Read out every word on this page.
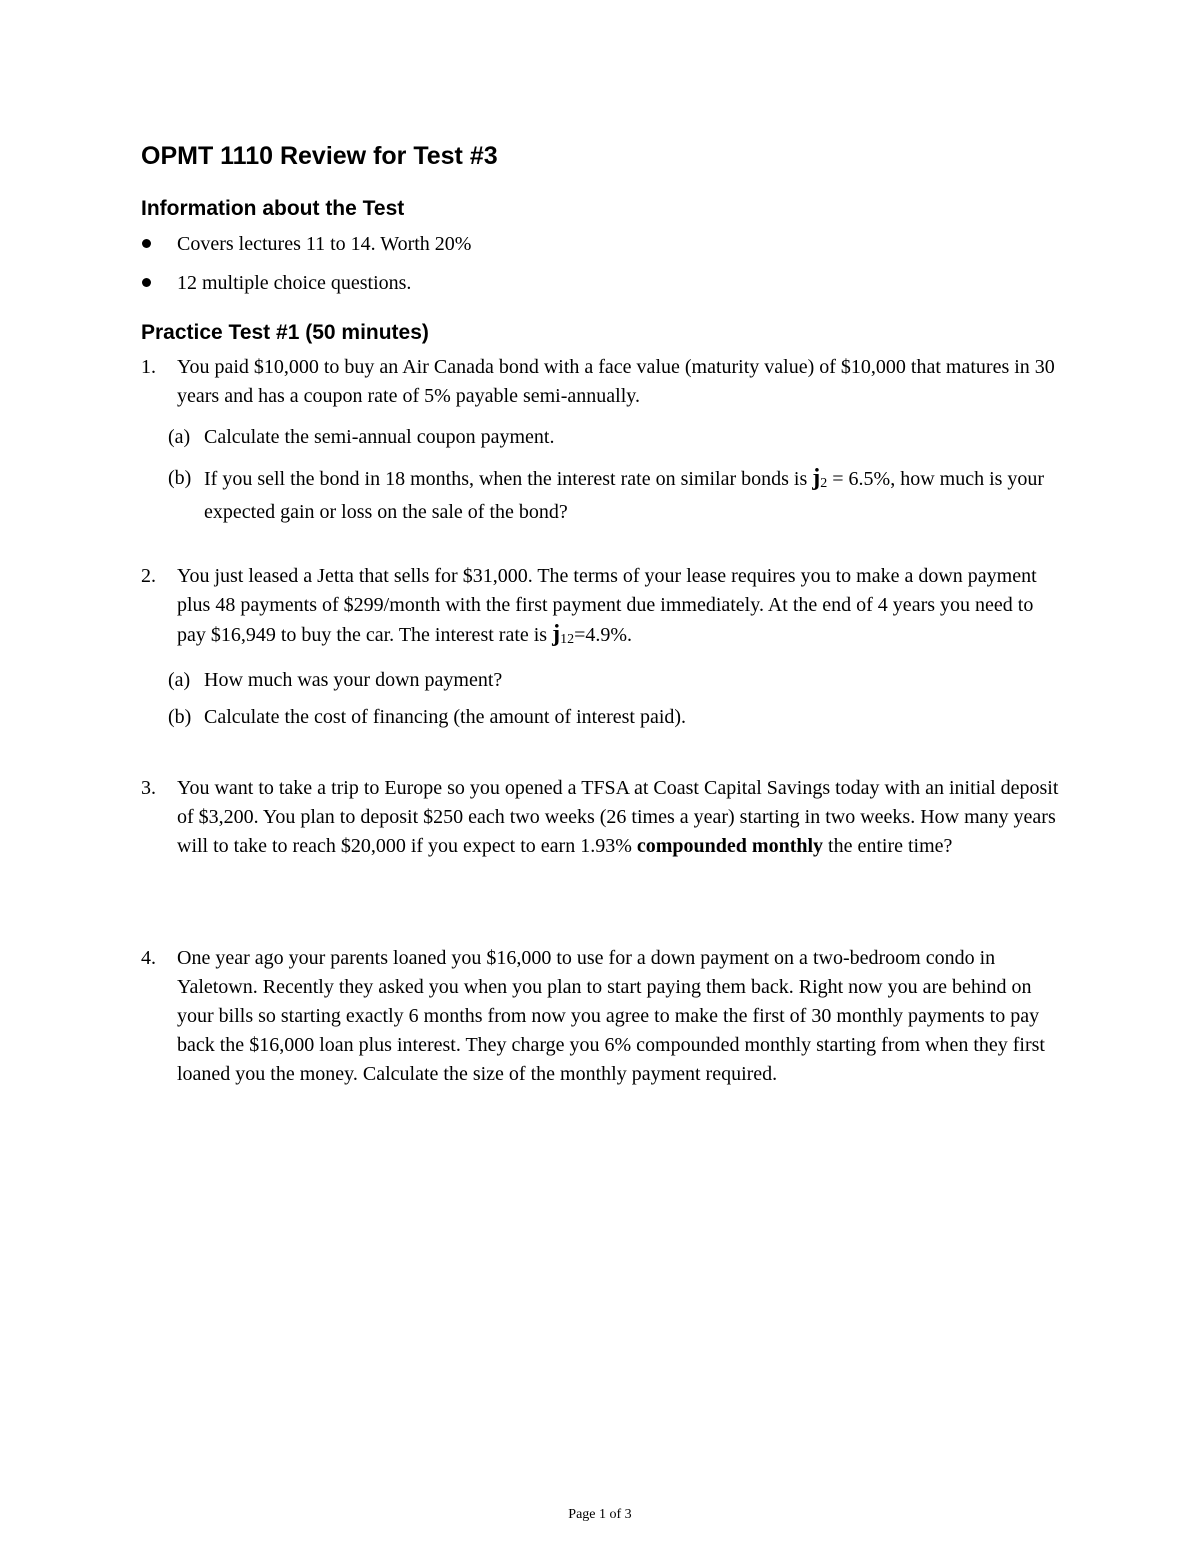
OPMT 1110 Review for Test #3
Information about the Test
Covers lectures 11 to 14. Worth 20%
12 multiple choice questions.
Practice Test #1 (50 minutes)
1.	You paid $10,000 to buy an Air Canada bond with a face value (maturity value) of $10,000 that matures in 30 years and has a coupon rate of 5% payable semi-annually.
(a) Calculate the semi-annual coupon payment.
(b) If you sell the bond in 18 months, when the interest rate on similar bonds is $j_2 = 6.5\%$, how much is your expected gain or loss on the sale of the bond?
2.	You just leased a Jetta that sells for $31,000. The terms of your lease requires you to make a down payment plus 48 payments of $299/month with the first payment due immediately. At the end of 4 years you need to pay $16,949 to buy the car. The interest rate is $j_{12}=4.9\%$.
(a) How much was your down payment?
(b) Calculate the cost of financing (the amount of interest paid).
3.	You want to take a trip to Europe so you opened a TFSA at Coast Capital Savings today with an initial deposit of $3,200. You plan to deposit $250 each two weeks (26 times a year) starting in two weeks. How many years will to take to reach $20,000 if you expect to earn 1.93% compounded monthly the entire time?
4.	One year ago your parents loaned you $16,000 to use for a down payment on a two-bedroom condo in Yaletown. Recently they asked you when you plan to start paying them back. Right now you are behind on your bills so starting exactly 6 months from now you agree to make the first of 30 monthly payments to pay back the $16,000 loan plus interest. They charge you 6% compounded monthly starting from when they first loaned you the money. Calculate the size of the monthly payment required.
Page 1 of 3
